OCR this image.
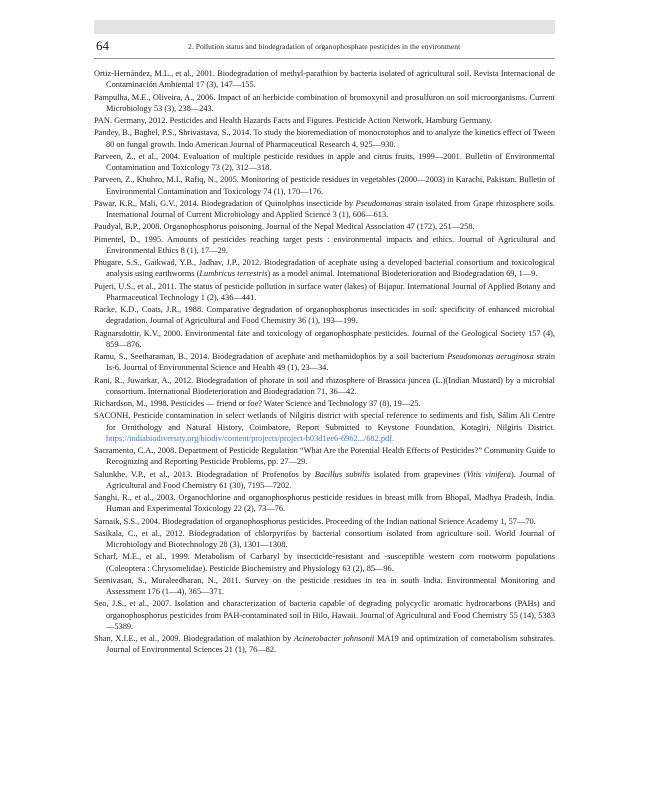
64	2. Pollution status and biodegradation of organophosphate pesticides in the environment
Ortiz-Hernández, M.L., et al., 2001. Biodegradation of methyl-parathion by bacteria isolated of agricultural soil. Revista Internacional de Contaminación Ambiental 17 (3), 147—155.
Pampulha, M.E., Oliveira, A., 2006. Impact of an herbicide combination of bromoxynil and prosulfuron on soil microorganisms. Current Microbiology 53 (3), 238—243.
PAN. Germany, 2012. Pesticides and Health Hazards Facts and Figures. Pesticide Action Network, Hamburg Germany.
Pandey, B., Baghel, P.S., Shrivastava, S., 2014. To study the bioremediation of monocrotophos and to analyze the kinetics effect of Tween 80 on fungal growth. Indo American Journal of Pharmaceutical Research 4, 925—930.
Parveen, Z., et al., 2004. Evaluation of multiple pesticide residues in apple and citrus fruits, 1999—2001. Bulletin of Environmental Contamination and Toxicology 73 (2), 312—318.
Parveen, Z., Khuhro, M.I., Rafiq, N., 2005. Monitoring of pesticide residues in vegetables (2000—2003) in Karachi, Pakistan. Bulletin of Environmental Contamination and Toxicology 74 (1), 170—176.
Pawar, K.R., Mali, G.V., 2014. Biodegradation of Quinolphos insecticide by Pseudomonas strain isolated from Grape rhizosphere soils. International Journal of Current Microbiology and Applied Science 3 (1), 606—613.
Paudyal, B.P., 2008. Organophosphorus poisoning. Journal of the Nepal Medical Association 47 (172), 251—258.
Pimentel, D., 1995. Amounts of pesticides reaching target pests : environmental impacts and ethics. Journal of Agricultural and Environmental Ethics 8 (1), 17—29.
Phugare, S.S., Gaikwad, Y.B., Jadhav, J.P., 2012. Biodegradation of acephate using a developed bacterial consortium and toxicological analysis using earthworms (Lumbricus terrestris) as a model animal. International Biodeterioration and Biodegradation 69, 1—9.
Pujeri, U.S., et al., 2011. The status of pesticide pollution in surface water (lakes) of Bijapur. International Journal of Applied Botany and Pharmaceutical Technology 1 (2), 436—441.
Racke, K.D., Coats, J.R., 1988. Comparative degradation of organophosphorus insecticides in soil: specificity of enhanced microbial degradation. Journal of Agricultural and Food Chemistry 36 (1), 193—199.
Ragnarsdottir, K.V., 2000. Environmental fate and toxicology of organophosphate pesticides. Journal of the Geological Society 157 (4), 859—876.
Ramu, S., Seetharaman, B., 2014. Biodegradation of acephate and methamidophos by a soil bacterium Pseudomonas aeruginosa strain Is-6. Journal of Environmental Science and Health 49 (1), 23—34.
Rani, R., Juwarkar, A., 2012. Biodegradation of phorate in soil and rhizosphere of Brassica juncea (L.)(Indian Mustard) by a microbial consortium. International Biodeterioration and Biodegradation 71, 36—42.
Richardson, M., 1998. Pesticides — friend or foe? Water Science and Technology 37 (8), 19—25.
SACONH, Pesticide contamination in select wetlands of Nilgiris district with special reference to sediments and fish, Sálim Ali Centre for Ornithology and Natural History, Coimbatore. Report Submitted to Keystone Foundation, Kotagiri, Nilgiris District. https://indiabiodiversity.org/biodiv/content/projects/project-b03d1ee6-6962.../682.pdf.
Sacramento, C.A., 2008. Department of Pesticide Regulation “What Are the Potential Health Effects of Pesticides?” Community Guide to Recognizing and Reporting Pesticide Problems, pp. 27—29.
Salunkhe, V.P., et al., 2013. Biodegradation of Profenofos by Bacillus subtilis isolated from grapevines (Vitis vinifera). Journal of Agricultural and Food Chemistry 61 (30), 7195—7202.
Sanghi, R., et al., 2003. Organochlorine and organophosphorus pesticide residues in breast milk from Bhopal, Madhya Pradesh, India. Human and Experimental Toxicology 22 (2), 73—76.
Sarnaik, S.S., 2004. Biodegradation of organophosphorus pesticides. Proceeding of the Indian national Science Academy 1, 57—70.
Sasikala, C., et al., 2012. Biodegradation of chlorpyrifos by bacterial consortium isolated from agriculture soil. World Journal of Microbiology and Biotechnology 28 (3), 1301—1308.
Scharf, M.E., et al., 1999. Metabolism of Carbaryl by insecticide-resistant and -susceptible western corn rootworm populations (Coleoptera : Chrysomelidae). Pesticide Biochemistry and Physiology 63 (2), 85—96.
Seenivasan, S., Muraleedharan, N., 2011. Survey on the pesticide residues in tea in south India. Environmental Monitoring and Assessment 176 (1—4), 365—371.
Seo, J.S., et al., 2007. Isolation and characterization of bacteria capable of degrading polycyclic aromatic hydrocarbons (PAHs) and organophosphorus pesticides from PAH-contaminated soil in Hilo, Hawaii. Journal of Agricultural and Food Chemistry 55 (14), 5383—5389.
Shan, X.I.E., et al., 2009. Biodegradation of malathion by Acinetobacter johnsonii MA19 and optimization of cometabolism substrates. Journal of Environmental Sciences 21 (1), 76—82.
